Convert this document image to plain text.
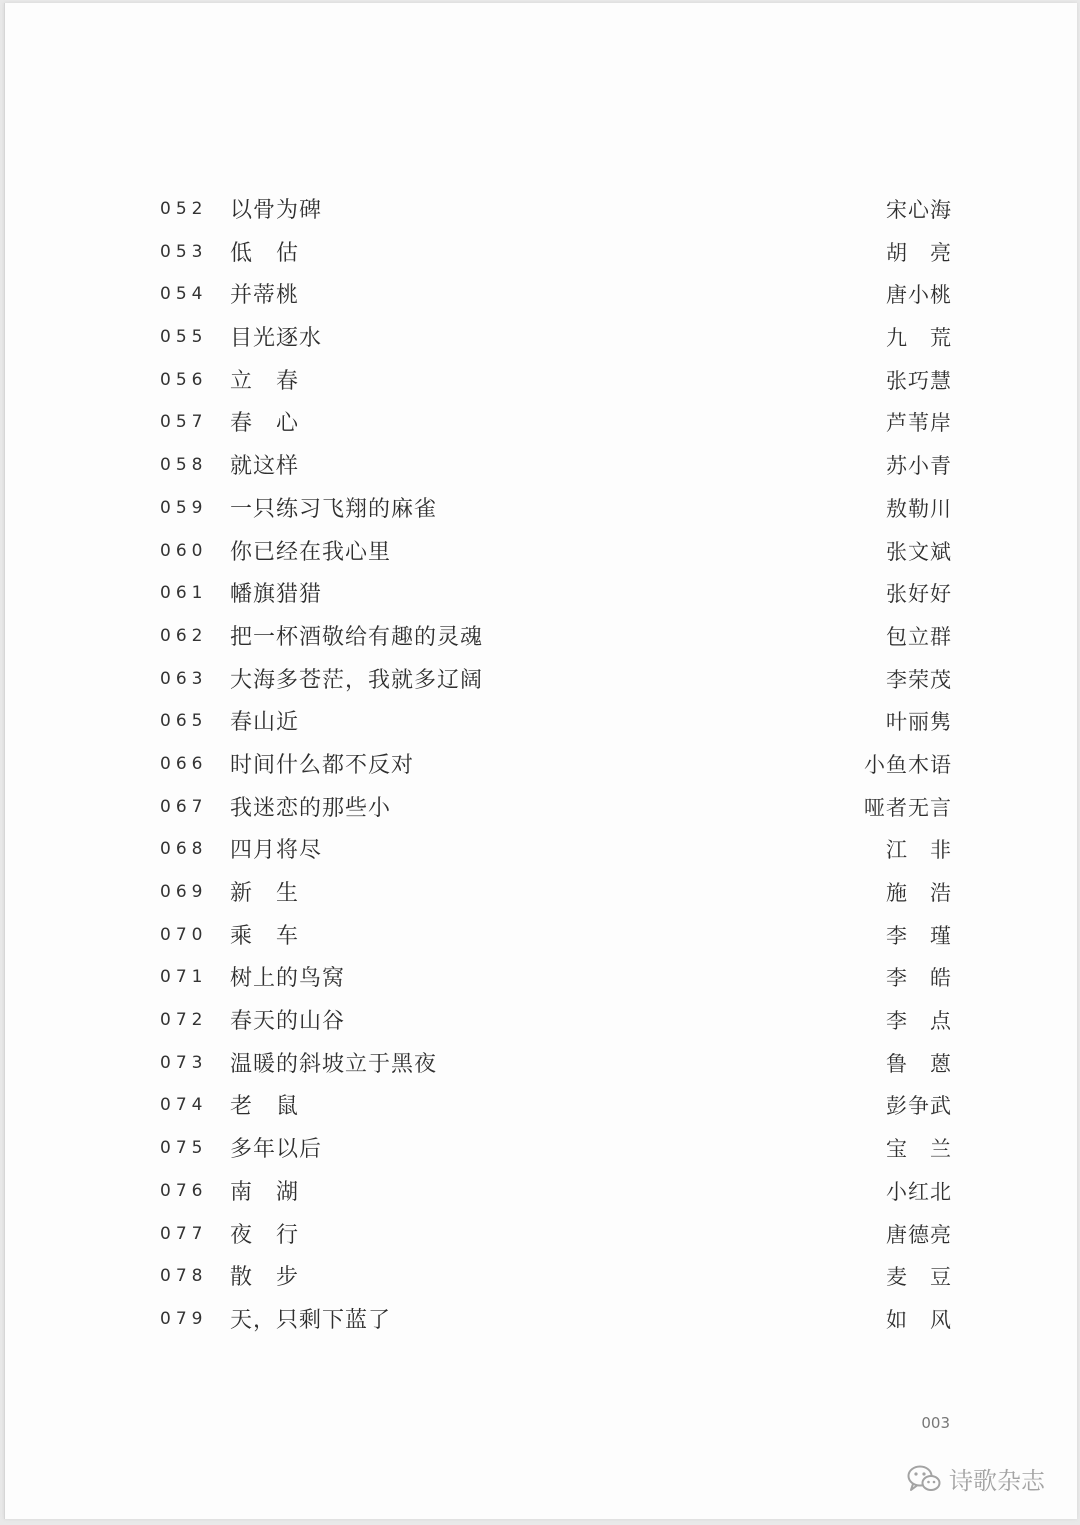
052 以骨为碑	宋心海
053 低　估	胡　亮
054 并蒂桃	唐小桃
055 目光逐水	九　荒
056 立　春	张巧慧
057 春　心	芦苇岸
058 就这样	苏小青
059 一只练习飞翔的麻雀	敖勒川
060 你已经在我心里	张文斌
061 幡旗猎猎	张好好
062 把一杯酒敬给有趣的灵魂	包立群
063 大海多苍茫，我就多辽阔	李荣茂
065 春山近	叶丽隽
066 时间什么都不反对	小鱼木语
067 我迷恋的那些小	哑者无言
068 四月将尽	江　非
069 新　生	施　浩
070 乘　车	李　瑾
071 树上的鸟窝	李　皓
072 春天的山谷	李　点
073 温暖的斜坡立于黑夜	鲁　蒽
074 老　鼠	彭争武
075 多年以后	宝　兰
076 南　湖	小红北
077 夜　行	唐德亮
078 散　步	麦　豆
079 天，只剩下蓝了	如　风
003
诗歌杂志
